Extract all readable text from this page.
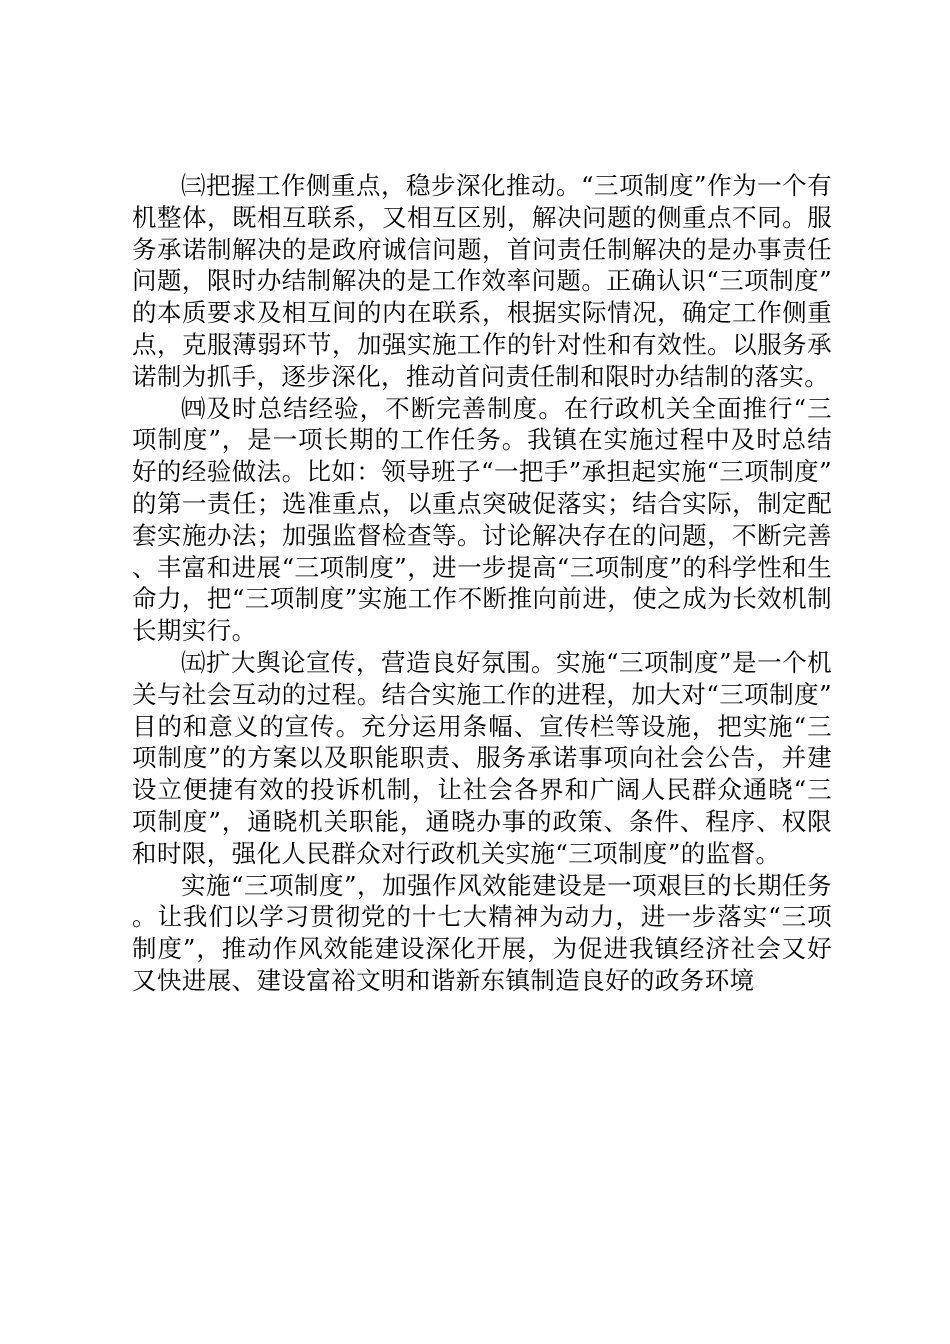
㈢把握工作侧重点，稳步深化推动。“三项制度”作为一个有机整体，既相互联系，又相互区别，解决问题的侧重点不同。服务承诺制解决的是政府诚信问题，首问责任制解决的是办事责任问题，限时办结制解决的是工作效率问题。正确认识“三项制度”的本质要求及相互间的内在联系，根据实际情况，确定工作侧重点，克服薄弱环节，加强实施工作的针对性和有效性。以服务承诺制为抓手，逐步深化，推动首问责任制和限时办结制的落实。

㈣及时总结经验，不断完善制度。在行政机关全面推行“三项制度”，是一项长期的工作任务。我镇在实施过程中及时总结好的经验做法。比如：领导班子“一把手”承担起实施“三项制度”的第一责任；选准重点，以重点突破促落实；结合实际，制定配套实施办法；加强监督检查等。讨论解决存在的问题，不断完善、丰富和进展“三项制度”，进一步提高“三项制度”的科学性和生命力，把“三项制度”实施工作不断推向前进，使之成为长效机制长期实行。

㈤扩大舆论宣传，营造良好氛围。实施“三项制度”是一个机关与社会互动的过程。结合实施工作的进程，加大对“三项制度”目的和意义的宣传。充分运用条幅、宣传栏等设施，把实施“三项制度”的方案以及职能职责、服务承诺事项向社会公告，并建设立便捷有效的投诉机制，让社会各界和广阔人民群众通晓“三项制度”，通晓机关职能，通晓办事的政策、条件、程序、权限和时限，强化人民群众对行政机关实施“三项制度”的监督。

实施“三项制度”，加强作风效能建设是一项艰巨的长期任务。让我们以学习贯彻党的十七大精神为动力，进一步落实“三项制度”，推动作风效能建设深化开展，为促进我镇经济社会又好又快进展、建设富裕文明和谐新东镇制造良好的政务环境
